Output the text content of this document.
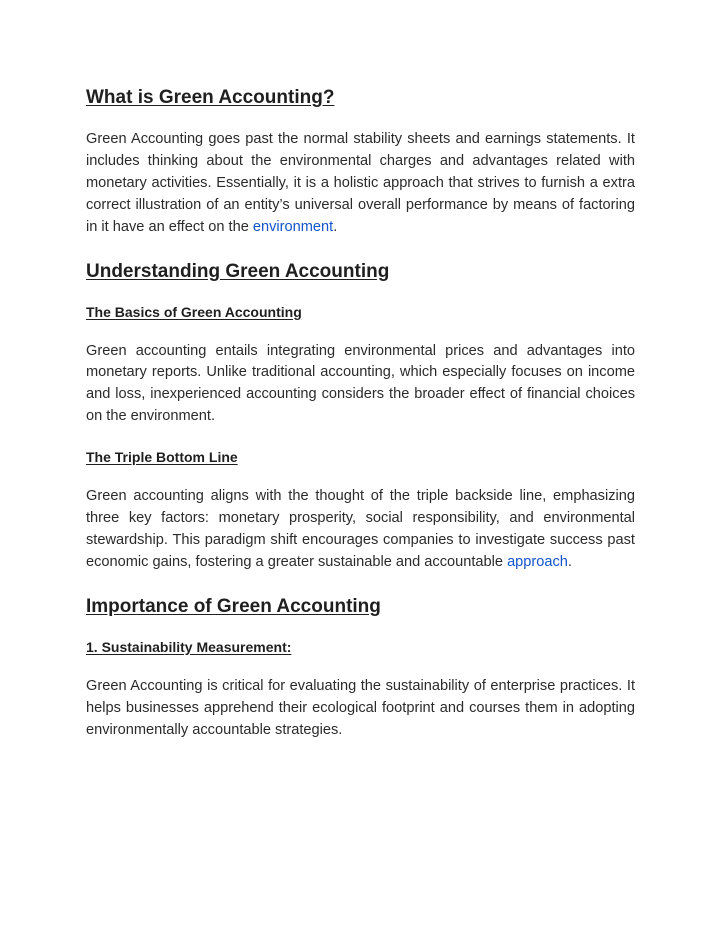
What is Green Accounting?

Green Accounting goes past the normal stability sheets and earnings statements. It includes thinking about the environmental charges and advantages related with monetary activities. Essentially, it is a holistic approach that strives to furnish a extra correct illustration of an entity’s universal overall performance by means of factoring in it have an effect on the environment.

Understanding Green Accounting
The Basics of Green Accounting

Green accounting entails integrating environmental prices and advantages into monetary reports. Unlike traditional accounting, which especially focuses on income and loss, inexperienced accounting considers the broader effect of financial choices on the environment.

The Triple Bottom Line

Green accounting aligns with the thought of the triple backside line, emphasizing three key factors: monetary prosperity, social responsibility, and environmental stewardship. This paradigm shift encourages companies to investigate success past economic gains, fostering a greater sustainable and accountable approach.

Importance of Green Accounting
1. Sustainability Measurement:

Green Accounting is critical for evaluating the sustainability of enterprise practices. It helps businesses apprehend their ecological footprint and courses them in adopting environmentally accountable strategies.
